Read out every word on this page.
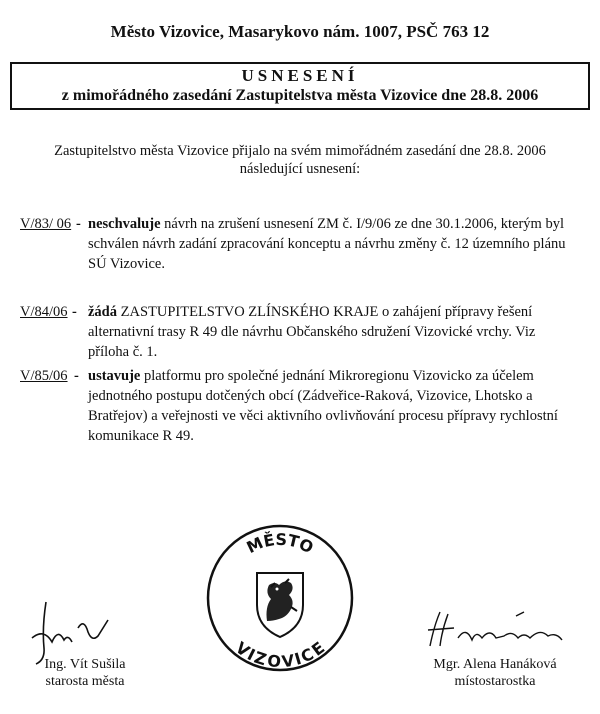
Město Vizovice, Masarykovo nám. 1007, PSČ 763 12
USNESENÍ
z mimořádného zasedání Zastupitelstva města Vizovice dne 28.8. 2006
Zastupitelstvo města Vizovice přijalo na svém mimořádném zasedání dne 28.8. 2006
následující usnesení:
V/83/ 06 - neschvaluje návrh na zrušení usnesení ZM č. I/9/06 ze dne 30.1.2006, kterým byl schválen návrh zadání zpracování konceptu a návrhu změny č. 12 územního plánu SÚ Vizovice.
V/84/06 - žádá ZASTUPITELSTVO ZLÍNSKÉHO KRAJE o zahájení přípravy řešení alternativní trasy R 49 dle návrhu Občanského sdružení Vizovické vrchy. Viz příloha č. 1.
V/85/06 - ustavuje platformu pro společné jednání Mikroregionu Vizovicko za účelem jednotného postupu dotčených obcí (Zádveřice-Raková, Vizovice, Lhotsko a Bratřejov) a veřejnosti ve věci aktivního ovlivňování procesu přípravy rychlostní komunikace R 49.
MĚSTO
VIZOVICE
Ing. Vít Sušila
starosta města
Mgr. Alena Hanáková
místostarostka
